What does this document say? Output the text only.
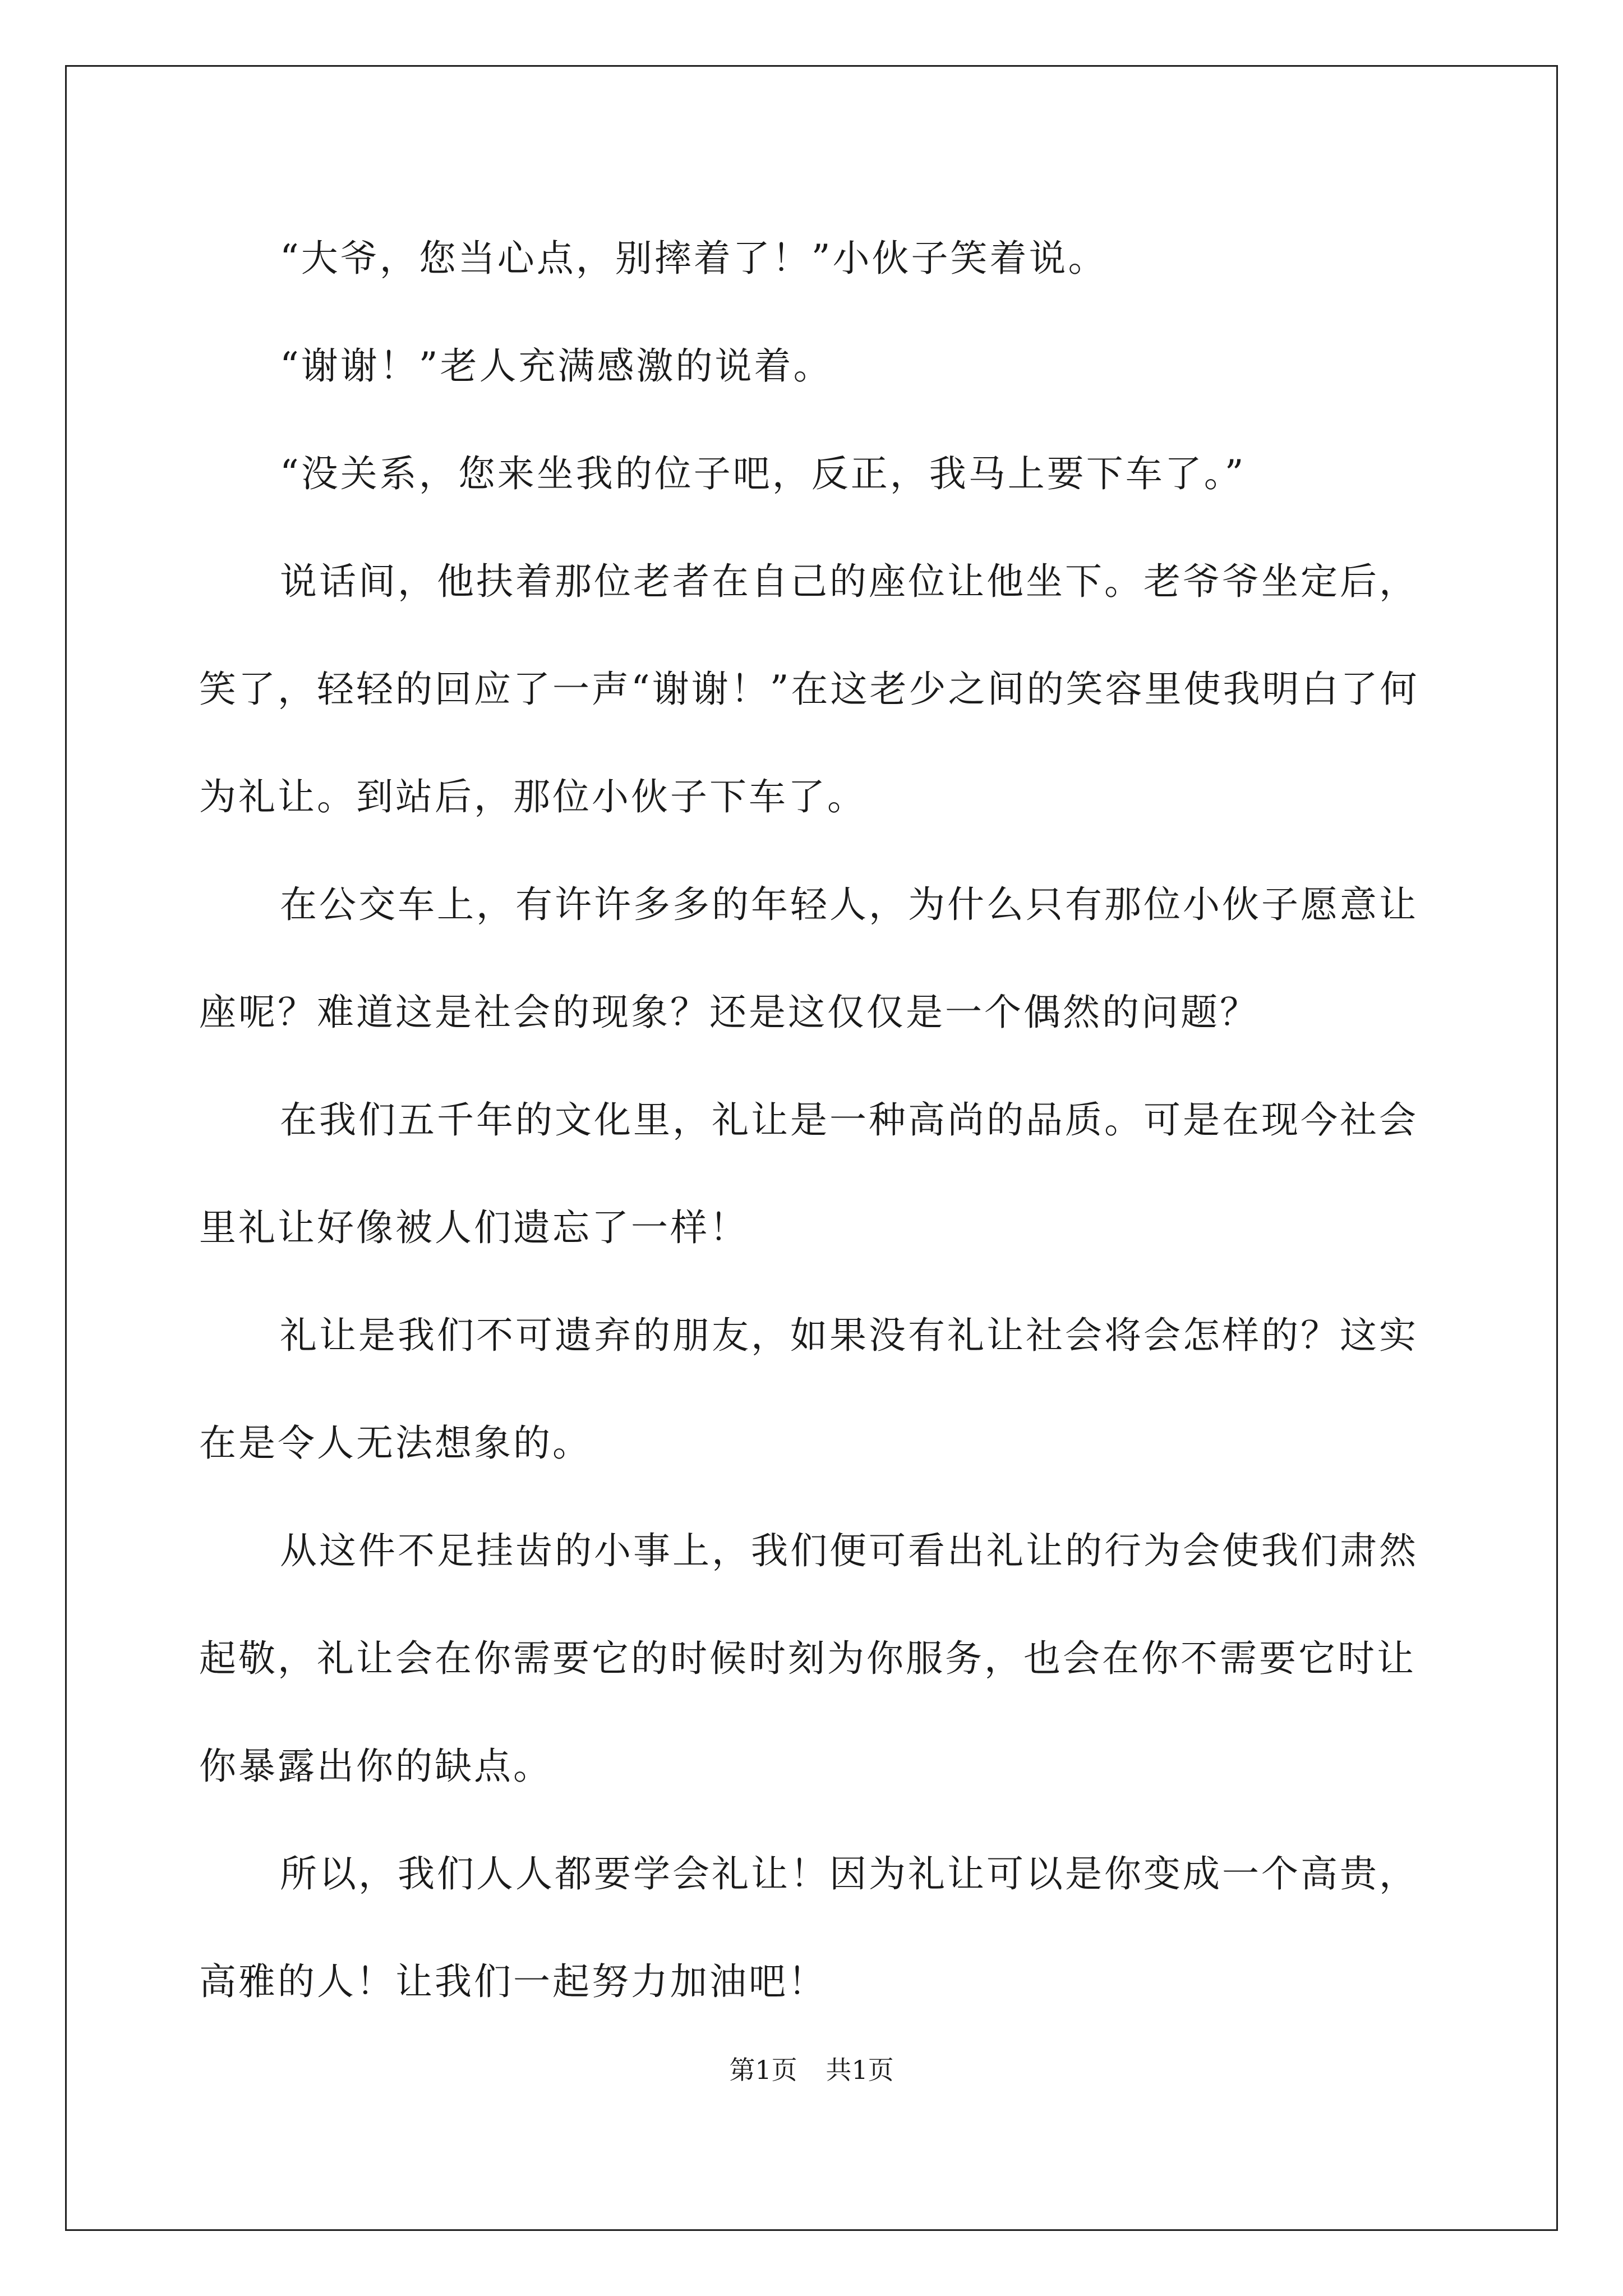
“大爷，您当心点，别摔着了！”小伙子笑着说。

“谢谢！”老人充满感激的说着。

“没关系，您来坐我的位子吧，反正，我马上要下车了。”

说话间，他扶着那位老者在自己的座位让他坐下。老爷爷坐定后，笑了，轻轻的回应了一声“谢谢！”在这老少之间的笑容里使我明白了何为礼让。到站后，那位小伙子下车了。

在公交车上，有许许多多的年轻人，为什么只有那位小伙子愿意让座呢？难道这是社会的现象？还是这仅仅是一个偶然的问题？

在我们五千年的文化里，礼让是一种高尚的品质。可是在现今社会里礼让好像被人们遗忘了一样！

礼让是我们不可遗弃的朋友，如果没有礼让社会将会怎样的？这实在是令人无法想象的。

从这件不足挂齿的小事上，我们便可看出礼让的行为会使我们肃然起敬，礼让会在你需要它的时候时刻为你服务，也会在你不需要它时让你暴露出你的缺点。

所以，我们人人都要学会礼让！因为礼让可以是你变成一个高贵，高雅的人！让我们一起努力加油吧！

第1页 共1页
